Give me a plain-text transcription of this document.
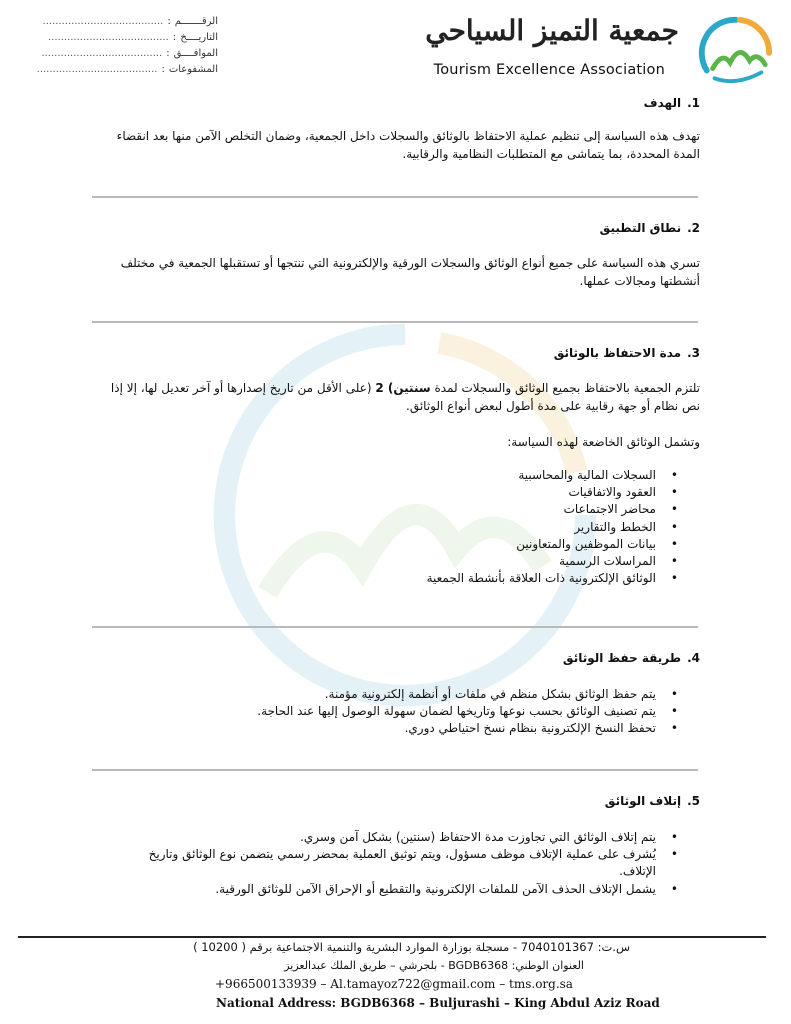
جمعية التميز السياحي
Tourism Excellence Association
الرقـــــــم
:
......................................
التاريــــخ
:
......................................
الموافــــق
:
......................................
المشفوعات
:
......................................
1.الهدف
تهدف هذه السياسة إلى تنظيم عملية الاحتفاظ بالوثائق والسجلات داخل الجمعية، وضمان التخلص الآمن منها بعد انقضاء المدة المحددة، بما يتماشى مع المتطلبات النظامية والرقابية.
2.نطاق التطبيق
تسري هذه السياسة على جميع أنواع الوثائق والسجلات الورقية والإلكترونية التي تنتجها أو تستقبلها الجمعية في مختلف أنشطتها ومجالات عملها.
3.مدة الاحتفاظ بالوثائق
تلتزم الجمعية بالاحتفاظ بجميع الوثائق والسجلات لمدة سنتين) 2 (على الأقل من تاريخ إصدارها أو آخر تعديل لها، إلا إذا نص نظام أو جهة رقابية على مدة أطول لبعض أنواع الوثائق.
وتشمل الوثائق الخاضعة لهذه السياسة:
السجلات المالية والمحاسبية •
العقود والاتفاقيات •
محاضر الاجتماعات •
الخطط والتقارير •
بيانات الموظفين والمتعاونين •
المراسلات الرسمية •
الوثائق الإلكترونية ذات العلاقة بأنشطة الجمعية •
4.طريقة حفظ الوثائق
يتم حفظ الوثائق بشكل منظم في ملفات أو أنظمة إلكترونية مؤمنة. •
يتم تصنيف الوثائق بحسب نوعها وتاريخها لضمان سهولة الوصول إليها عند الحاجة. •
تحفظ النسخ الإلكترونية بنظام نسخ احتياطي دوري. •
5.إتلاف الوثائق
يتم إتلاف الوثائق التي تجاوزت مدة الاحتفاظ (سنتين) بشكل آمن وسري. •
يُشرف على عملية الإتلاف موظف مسؤول، ويتم توثيق العملية بمحضر رسمي يتضمن نوع الوثائق وتاريخ الإتلاف. •
يشمل الإتلاف الحذف الآمن للملفات الإلكترونية والتقطيع أو الإحراق الآمن للوثائق الورقية. •
س.ت: 7040101367 - مسجلة بوزارة الموارد البشرية والتنمية الاجتماعية برقم ( 10200 )
العنوان الوطني: BGDB6368 - بلجرشي – طريق الملك عبدالعزيز
+966500133939 – Al.tamayoz722@gmail.com – tms.org.sa
National Address: BGDB6368 – Buljurashi – King Abdul Aziz Road
